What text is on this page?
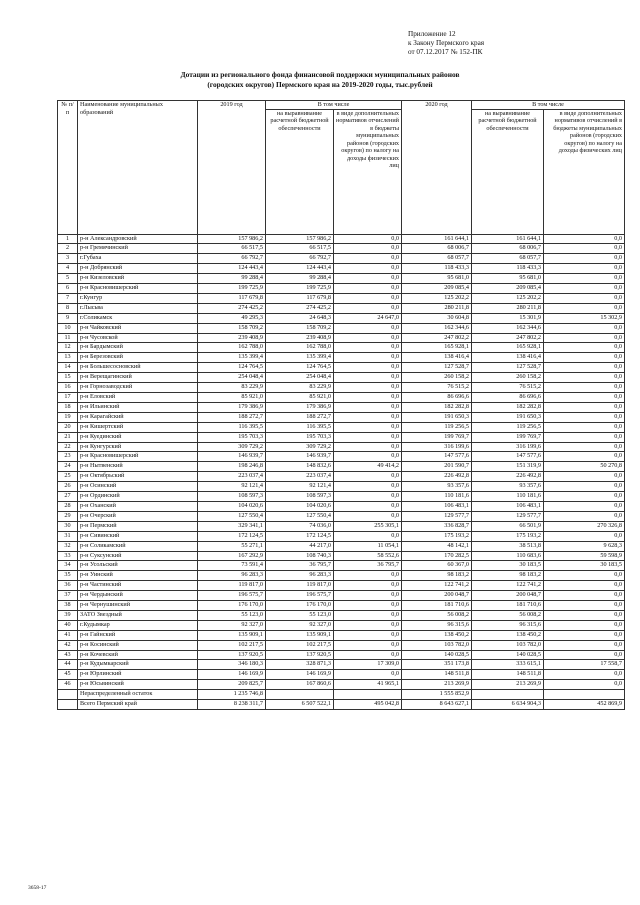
Приложение 12
к Закону Пермского края
от 07.12.2017 № 152-ПК
Дотации из регионального фонда финансовой поддержки муниципальных районов
(городских округов) Пермского края на 2019-2020 годы, тыс.рублей
№ п/п	Наименование муниципальных образований	2019 год	В том числе		2020 год	В том числе	
			на выравнивание расчетной бюджетной обеспеченности	в виде дополнительных нормативов отчислений в бюджеты муниципальных районов (городских округов) по налогу на доходы физических лиц		на выравнивание расчетной бюджетной обеспеченности	в виде дополнительных нормативов отчислений в бюджеты муниципальных районов (городских округов) по налогу на доходы физических лиц
1	р-н Александровский	157 986,2	157 986,2	0,0	161 644,1	161 644,1	0,0
2	р-н Гремячинский	66 517,5	66 517,5	0,0	68 006,7	68 006,7	0,0
3	г.Губаха	66 792,7	66 792,7	0,0	68 057,7	68 057,7	0,0
4	р-н Добрянский	124 443,4	124 443,4	0,0	118 433,3	118 433,3	0,0
5	р-н Кизеловский	99 288,4	99 288,4	0,0	95 681,0	95 681,0	0,0
6	р-н Красновишерский	199 725,9	199 725,9	0,0	209 085,4	209 085,4	0,0
7	г.Кунгур	117 679,8	117 679,8	0,0	125 202,2	125 202,2	0,0
8	г.Лысьва	274 425,2	274 425,2	0,0	280 211,8	280 211,8	0,0
9	г.Соликамск	49 295,3	24 648,3	24 647,0	30 604,8	15 301,9	15 302,9
10	р-н Чайковский	158 709,2	158 709,2	0,0	162 344,6	162 344,6	0,0
11	р-н Чусовской	239 408,9	239 408,9	0,0	247 802,2	247 802,2	0,0
12	р-н Бардымский	162 788,0	162 788,0	0,0	165 928,1	165 928,1	0,0
13	р-н Березовский	135 399,4	135 399,4	0,0	138 416,4	138 416,4	0,0
14	р-н Большесосновский	124 764,5	124 764,5	0,0	127 528,7	127 528,7	0,0
15	р-н Верещагинский	254 048,4	254 048,4	0,0	260 158,2	260 158,2	0,0
16	р-н Горнозаводский	83 229,9	83 229,9	0,0	76 515,2	76 515,2	0,0
17	р-н Еловский	85 921,0	85 921,0	0,0	86 696,6	86 696,6	0,0
18	р-н Ильинский	179 386,9	179 386,9	0,0	182 282,8	182 282,8	0,0
19	р-н Карагайский	188 272,7	188 272,7	0,0	191 650,3	191 650,3	0,0
20	р-н Кишертский	116 395,5	116 395,5	0,0	119 256,5	119 256,5	0,0
21	р-н Куединский	195 703,3	195 703,3	0,0	199 769,7	199 769,7	0,0
22	р-н Кунгурский	309 729,2	309 729,2	0,0	316 199,6	316 199,6	0,0
23	р-н Красновишерский	146 939,7	146 939,7	0,0	147 577,6	147 577,6	0,0
24	р-н Нытвенский	198 246,8	148 832,6	49 414,2	201 590,7	151 319,9	50 270,8
25	р-н Октябрьский	223 037,4	223 037,4	0,0	226 492,8	226 492,8	0,0
26	р-н Осинский	92 121,4	92 121,4	0,0	93 357,6	93 357,6	0,0
27	р-н Ординский	108 597,3	108 597,3	0,0	110 181,6	110 181,6	0,0
28	р-н Оханский	104 020,6	104 020,6	0,0	106 483,1	106 483,1	0,0
29	р-н Очерский	127 550,4	127 550,4	0,0	129 577,7	129 577,7	0,0
30	р-н Пермский	329 341,1	74 036,0	255 305,1	336 828,7	66 501,9	270 326,8
31	р-н Сивинский	172 124,5	172 124,5	0,0	175 193,2	175 193,2	0,0
32	р-н Соликамский	55 271,1	44 217,0	11 054,1	48 142,1	38 513,8	9 628,3
33	р-н Суксунский	167 292,9	108 740,3	58 552,6	170 282,5	110 683,6	59 598,9
34	р-н Усольский	73 591,4	36 795,7	36 795,7	60 367,0	30 183,5	30 183,5
35	р-н Уинский	96 283,3	96 283,3	0,0	98 183,2	98 183,2	0,0
36	р-н Частинский	119 817,0	119 817,0	0,0	122 741,2	122 741,2	0,0
37	р-н Чердынский	196 575,7	196 575,7	0,0	200 048,7	200 048,7	0,0
38	р-н Чернушинский	176 170,0	176 170,0	0,0	181 710,6	181 710,6	0,0
39	ЗАТО Звездный	55 123,0	55 123,0	0,0	56 008,2	56 008,2	0,0
40	г.Кудымкар	92 327,0	92 327,0	0,0	96 315,6	96 315,6	0,0
41	р-н Гайнский	135 909,1	135 909,1	0,0	138 450,2	138 450,2	0,0
42	р-н Косинский	102 217,5	102 217,5	0,0	103 782,0	103 782,0	0,0
43	р-н Кочевский	137 920,5	137 920,5	0,0	140 028,5	140 028,5	0,0
44	р-н Кудымкарский	346 180,3	328 871,3	17 309,0	351 173,8	333 615,1	17 558,7
45	р-н Юрлинский	146 169,9	146 169,9	0,0	148 511,8	148 511,8	0,0
46	р-н Юсьвинский	209 825,7	167 860,6	41 965,1	213 269,9	213 269,9	0,0
	Нераспределенный остаток	1 235 746,8			1 555 852,9		
	Всего Пермский край	8 238 311,7	6 507 522,1	495 042,8	8 643 627,1	6 634 904,3	452 869,9
3658-17
